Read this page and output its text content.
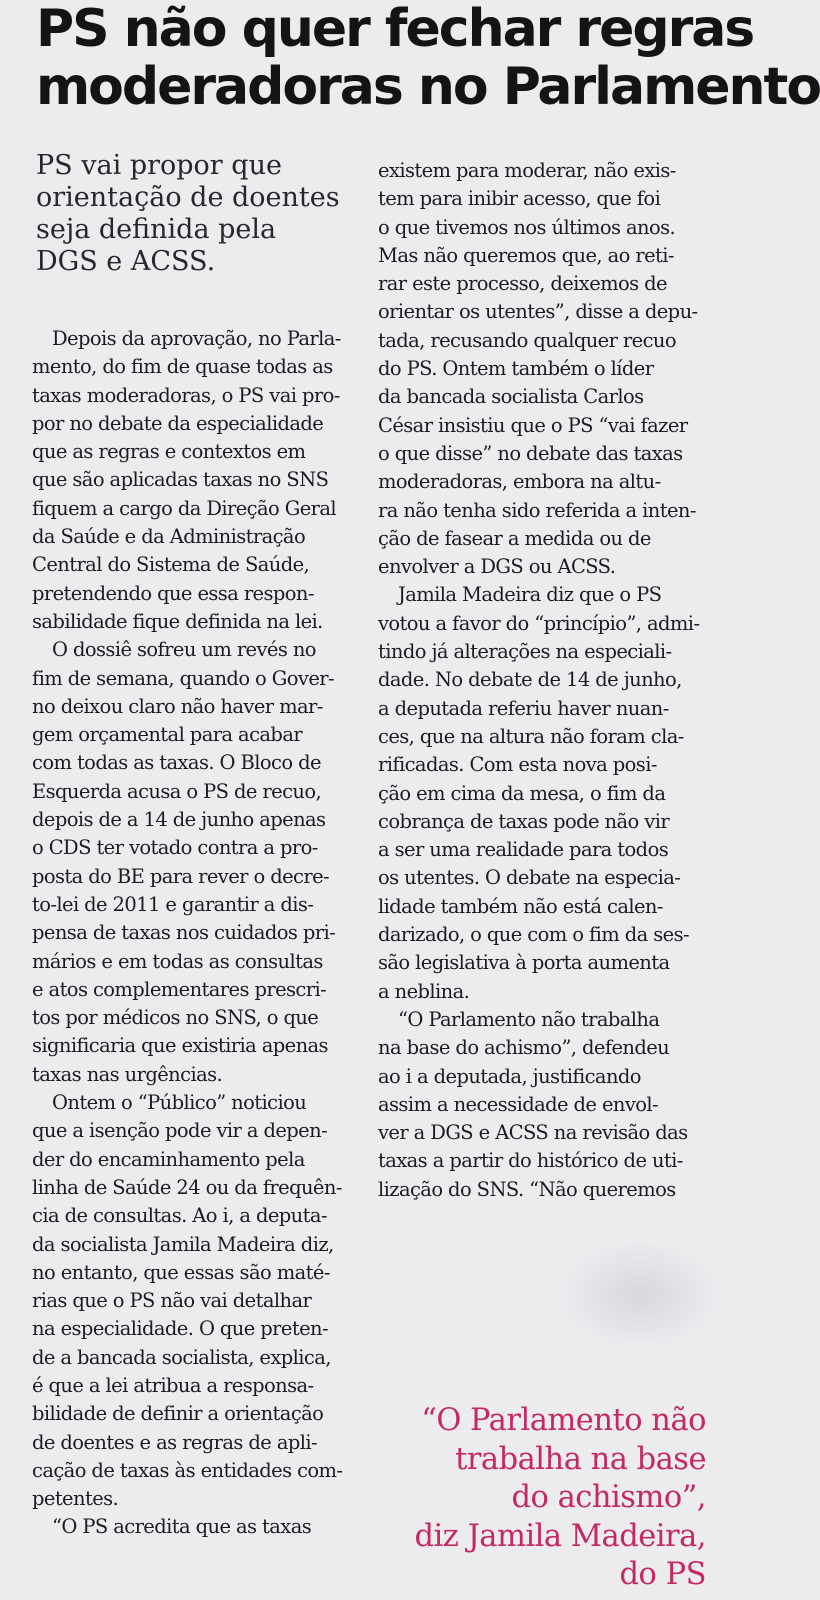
PS não quer fechar regras
moderadoras no Parlamento
PS vai propor que
orientação de doentes
seja definida pela
DGS e ACSS.
Depois da aprovação, no Parla-
mento, do fim de quase todas as
taxas moderadoras, o PS vai pro-
por no debate da especialidade
que as regras e contextos em
que são aplicadas taxas no SNS
fiquem a cargo da Direção Geral
da Saúde e da Administração
Central do Sistema de Saúde,
pretendendo que essa respon-
sabilidade fique definida na lei.
O dossiê sofreu um revés no
fim de semana, quando o Gover-
no deixou claro não haver mar-
gem orçamental para acabar
com todas as taxas. O Bloco de
Esquerda acusa o PS de recuo,
depois de a 14 de junho apenas
o CDS ter votado contra a pro-
posta do BE para rever o decre-
to-lei de 2011 e garantir a dis-
pensa de taxas nos cuidados pri-
mários e em todas as consultas
e atos complementares prescri-
tos por médicos no SNS, o que
significaria que existiria apenas
taxas nas urgências.
Ontem o “Público” noticiou
que a isenção pode vir a depen-
der do encaminhamento pela
linha de Saúde 24 ou da frequên-
cia de consultas. Ao i, a deputa-
da socialista Jamila Madeira diz,
no entanto, que essas são maté-
rias que o PS não vai detalhar
na especialidade. O que preten-
de a bancada socialista, explica,
é que a lei atribua a responsa-
bilidade de definir a orientação
de doentes e as regras de apli-
cação de taxas às entidades com-
petentes.
“O PS acredita que as taxas
existem para moderar, não exis-
tem para inibir acesso, que foi
o que tivemos nos últimos anos.
Mas não queremos que, ao reti-
rar este processo, deixemos de
orientar os utentes”, disse a depu-
tada, recusando qualquer recuo
do PS. Ontem também o líder
da bancada socialista Carlos
César insistiu que o PS “vai fazer
o que disse” no debate das taxas
moderadoras, embora na altu-
ra não tenha sido referida a inten-
ção de fasear a medida ou de
envolver a DGS ou ACSS.
Jamila Madeira diz que o PS
votou a favor do “princípio”, admi-
tindo já alterações na especiali-
dade. No debate de 14 de junho,
a deputada referiu haver nuan-
ces, que na altura não foram cla-
rificadas. Com esta nova posi-
ção em cima da mesa, o fim da
cobrança de taxas pode não vir
a ser uma realidade para todos
os utentes. O debate na especia-
lidade também não está calen-
darizado, o que com o fim da ses-
são legislativa à porta aumenta
a neblina.
“O Parlamento não trabalha
na base do achismo”, defendeu
ao i a deputada, justificando
assim a necessidade de envol-
ver a DGS e ACSS na revisão das
taxas a partir do histórico de uti-
lização do SNS. “Não queremos
“O Parlamento não
trabalha na base
do achismo”,
diz Jamila Madeira,
do PS
